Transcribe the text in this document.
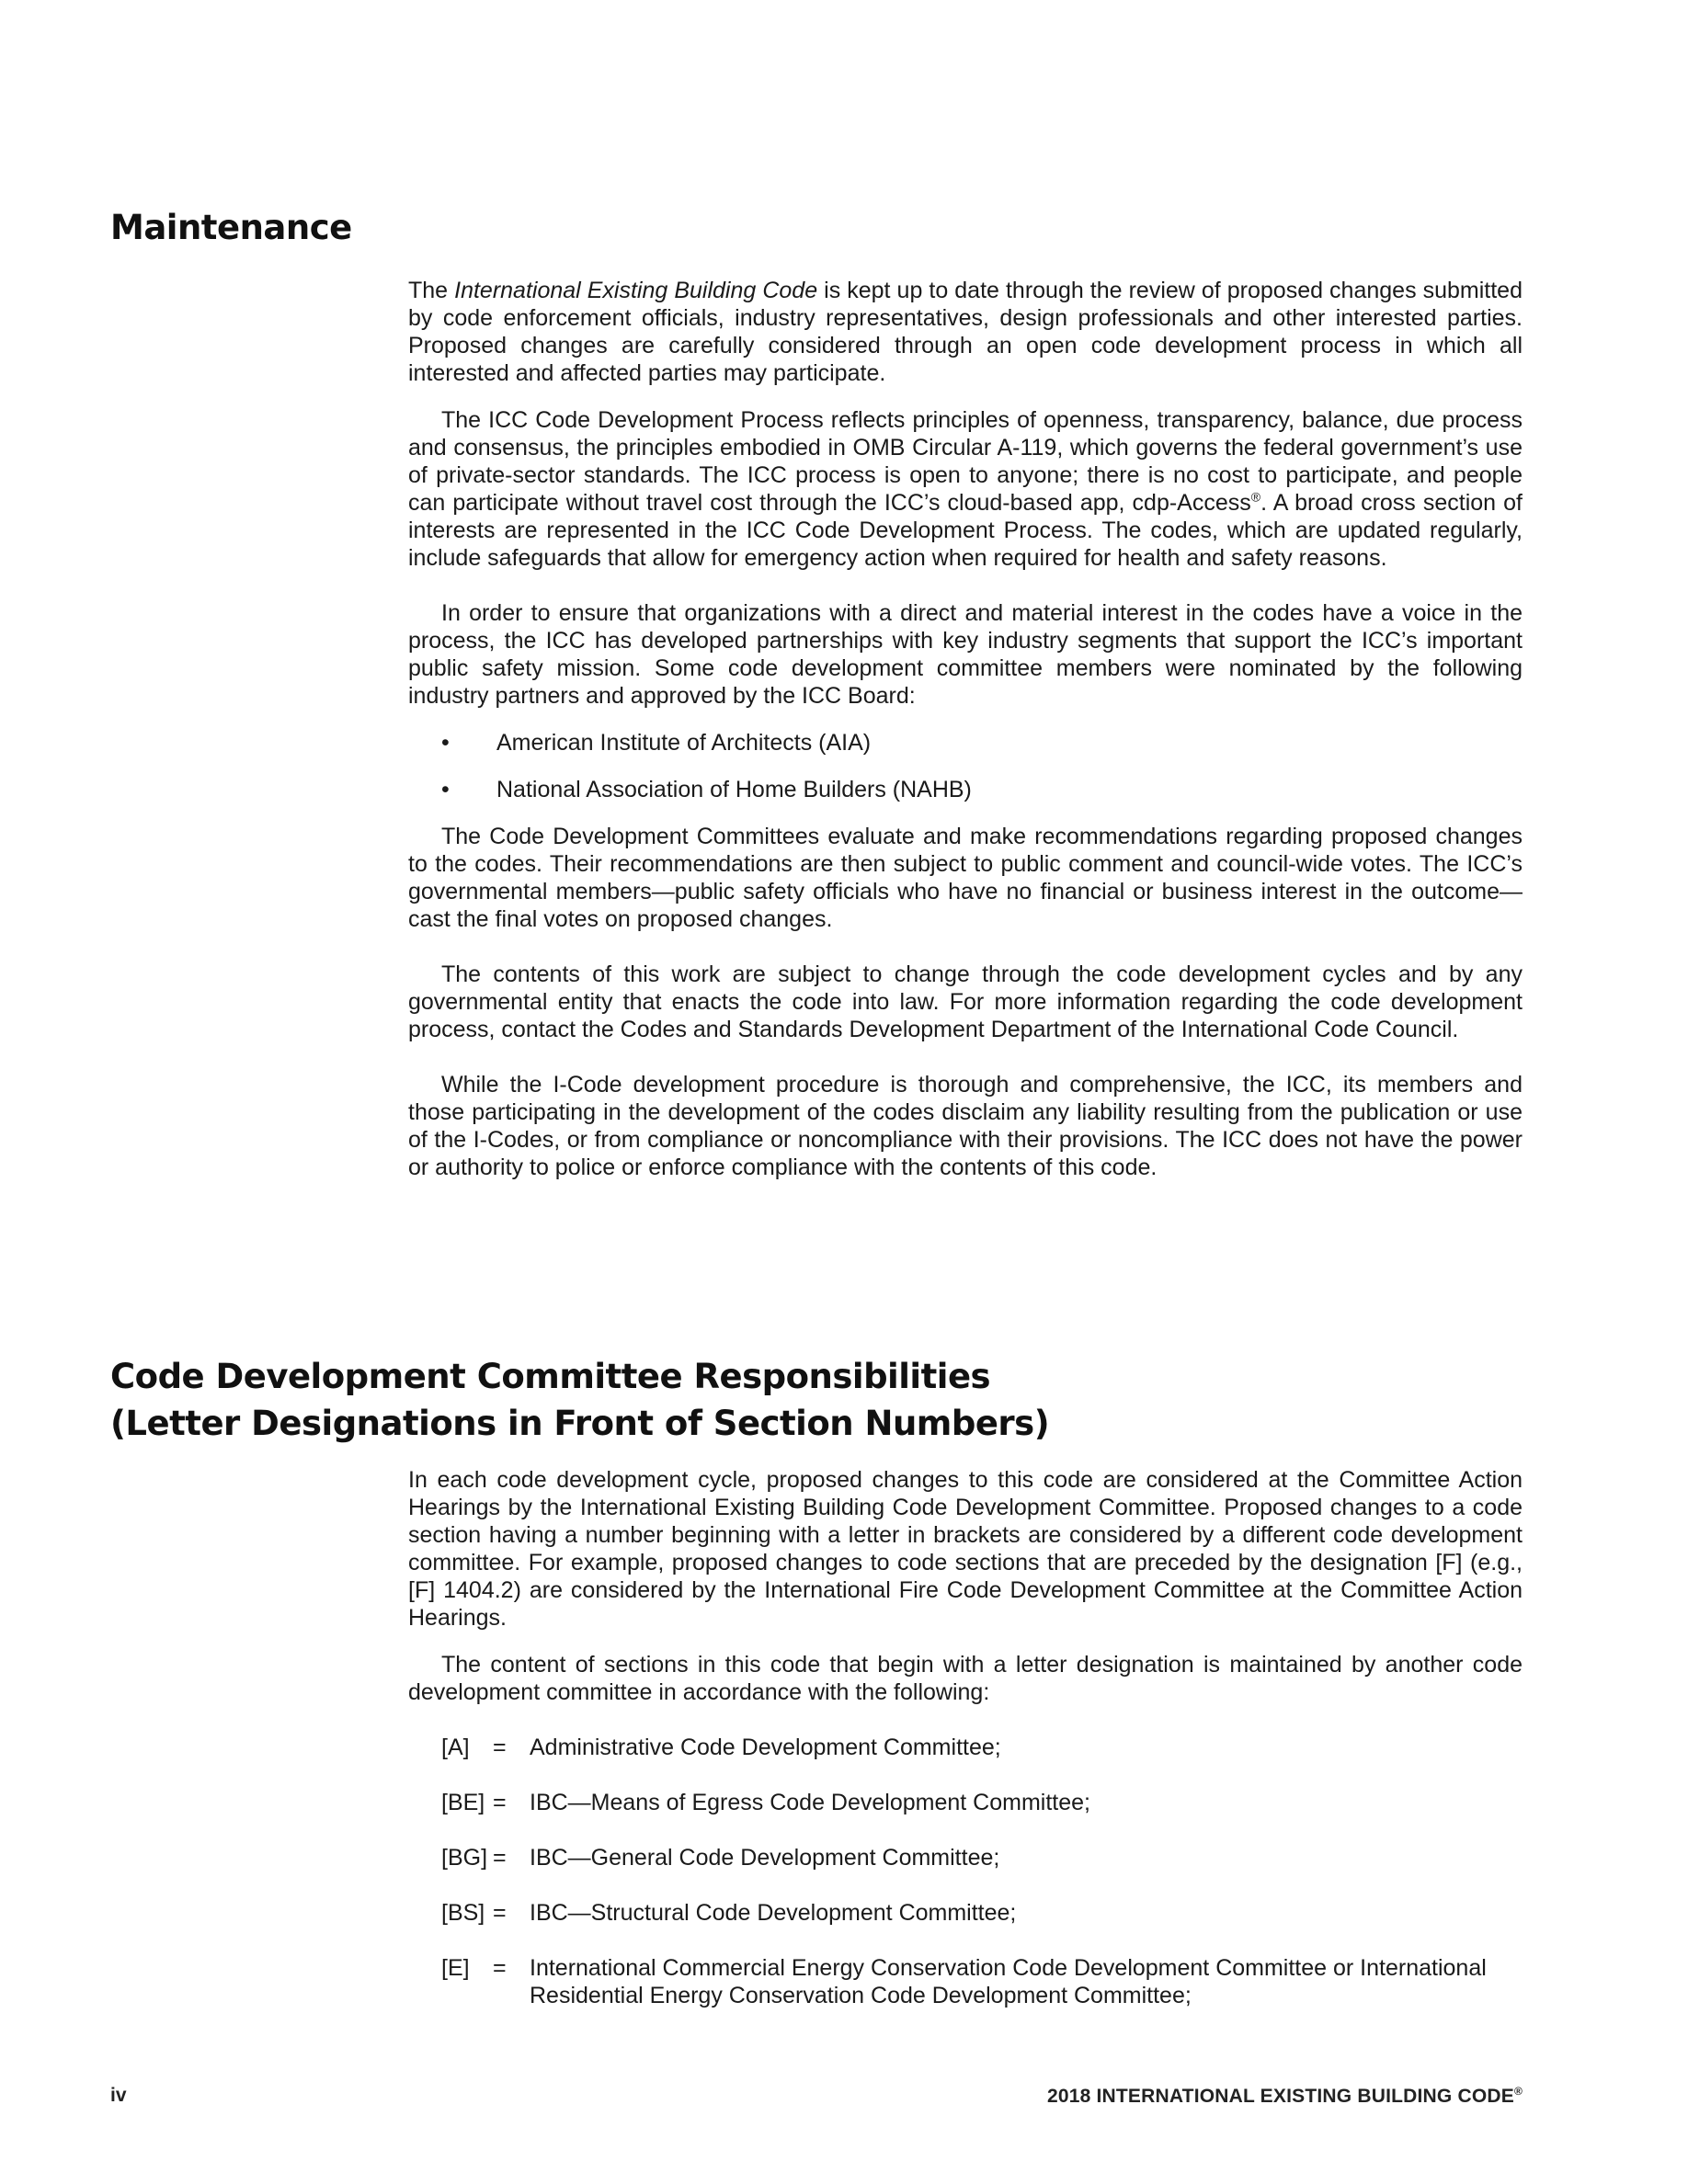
Maintenance

The International Existing Building Code is kept up to date through the review of proposed changes submitted by code enforcement officials, industry representatives, design professionals and other interested parties. Proposed changes are carefully considered through an open code development process in which all interested and affected parties may participate.

The ICC Code Development Process reflects principles of openness, transparency, balance, due process and consensus, the principles embodied in OMB Circular A-119, which governs the federal government’s use of private-sector standards. The ICC process is open to anyone; there is no cost to participate, and people can participate without travel cost through the ICC’s cloud-based app, cdp-Access®. A broad cross section of interests are represented in the ICC Code Development Process. The codes, which are updated regularly, include safeguards that allow for emergency action when required for health and safety reasons.

In order to ensure that organizations with a direct and material interest in the codes have a voice in the process, the ICC has developed partnerships with key industry segments that support the ICC’s important public safety mission. Some code development committee members were nominated by the following industry partners and approved by the ICC Board:

• American Institute of Architects (AIA)
• National Association of Home Builders (NAHB)

The Code Development Committees evaluate and make recommendations regarding proposed changes to the codes. Their recommendations are then subject to public comment and council-wide votes. The ICC’s governmental members—public safety officials who have no financial or business interest in the outcome—cast the final votes on proposed changes.

The contents of this work are subject to change through the code development cycles and by any governmental entity that enacts the code into law. For more information regarding the code development process, contact the Codes and Standards Development Department of the International Code Council.

While the I-Code development procedure is thorough and comprehensive, the ICC, its members and those participating in the development of the codes disclaim any liability resulting from the publication or use of the I-Codes, or from compliance or noncompliance with their provisions. The ICC does not have the power or authority to police or enforce compliance with the contents of this code.

Code Development Committee Responsibilities
(Letter Designations in Front of Section Numbers)

In each code development cycle, proposed changes to this code are considered at the Committee Action Hearings by the International Existing Building Code Development Committee. Proposed changes to a code section having a number beginning with a letter in brackets are considered by a different code development committee. For example, proposed changes to code sections that are preceded by the designation [F] (e.g., [F] 1404.2) are considered by the International Fire Code Development Committee at the Committee Action Hearings.

The content of sections in this code that begin with a letter designation is maintained by another code development committee in accordance with the following:

[A]	=	Administrative Code Development Committee;
[BE]	=	IBC—Means of Egress Code Development Committee;
[BG]	=	IBC—General Code Development Committee;
[BS]	=	IBC—Structural Code Development Committee;
[E]	=	International Commercial Energy Conservation Code Development Committee or International Residential Energy Conservation Code Development Committee;
iv	2018 INTERNATIONAL EXISTING BUILDING CODE®
